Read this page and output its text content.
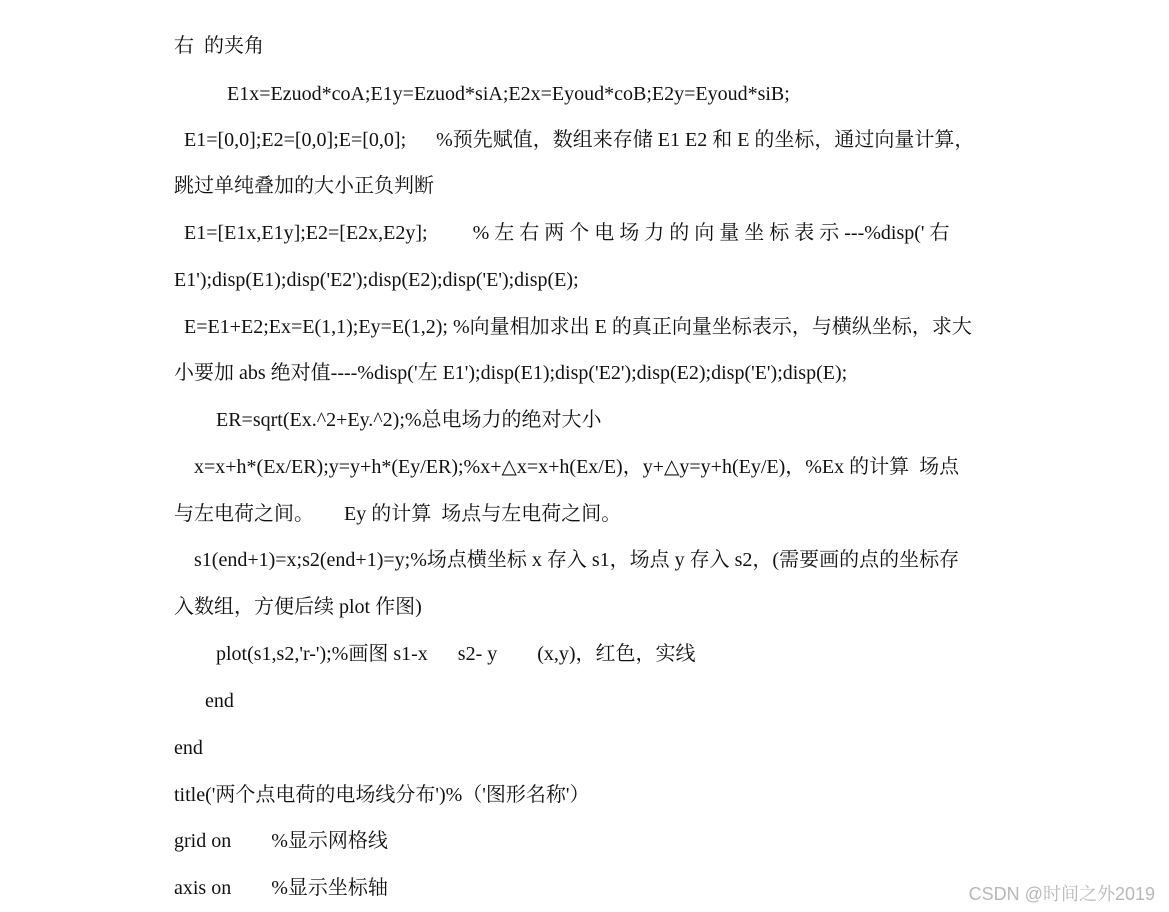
右  的夹角
E1x=Ezuod*coA;E1y=Ezuod*siA;E2x=Eyoud*coB;E2y=Eyoud*siB;
E1=[0,0];E2=[0,0];E=[0,0];      %预先赋值，数组来存储 E1 E2 和 E 的坐标，通过向量计算，
跳过单纯叠加的大小正负判断
E1=[E1x,E1y];E2=[E2x,E2y];         % 左 右 两 个 电 场 力 的 向 量 坐 标 表 示 ---%disp(' 右
E1');disp(E1);disp('E2');disp(E2);disp('E');disp(E);
E=E1+E2;Ex=E(1,1);Ey=E(1,2); %向量相加求出 E 的真正向量坐标表示，与横纵坐标，求大
小要加 abs 绝对值----%disp('左 E1');disp(E1);disp('E2');disp(E2);disp('E');disp(E);
ER=sqrt(Ex.^2+Ey.^2);%总电场力的绝对大小
x=x+h*(Ex/ER);y=y+h*(Ey/ER);%x+△x=x+h(Ex/E)，y+△y=y+h(Ey/E)，%Ex 的计算  场点
与左电荷之间。      Ey 的计算  场点与左电荷之间。
s1(end+1)=x;s2(end+1)=y;%场点横坐标 x 存入 s1，场点 y 存入 s2，(需要画的点的坐标存
入数组，方便后续 plot 作图)
plot(s1,s2,'r-');%画图 s1-x      s2- y        (x,y)，红色，实线
end
end
title('两个点电荷的电场线分布')%（'图形名称'）
grid on        %显示网格线
axis on        %显示坐标轴	CSDN @时间之外2019
